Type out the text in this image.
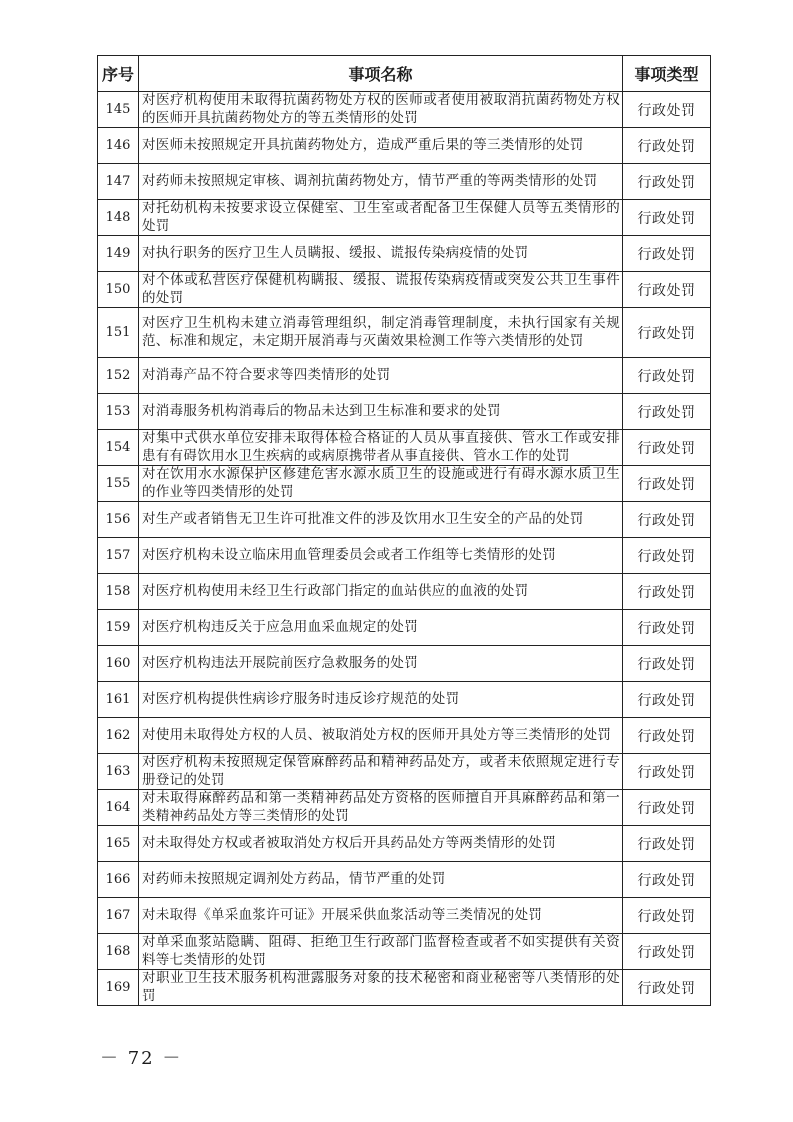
序号	事项名称	事项类型
145	对医疗机构使用未取得抗菌药物处方权的医师或者使用被取消抗菌药物处方权的医师开具抗菌药物处方的等五类情形的处罚	行政处罚
146	对医师未按照规定开具抗菌药物处方，造成严重后果的等三类情形的处罚	行政处罚
147	对药师未按照规定审核、调剂抗菌药物处方，情节严重的等两类情形的处罚	行政处罚
148	对托幼机构未按要求设立保健室、卫生室或者配备卫生保健人员等五类情形的处罚	行政处罚
149	对执行职务的医疗卫生人员瞒报、缓报、谎报传染病疫情的处罚	行政处罚
150	对个体或私营医疗保健机构瞒报、缓报、谎报传染病疫情或突发公共卫生事件的处罚	行政处罚
151	对医疗卫生机构未建立消毒管理组织，制定消毒管理制度，未执行国家有关规范、标准和规定，未定期开展消毒与灭菌效果检测工作等六类情形的处罚	行政处罚
152	对消毒产品不符合要求等四类情形的处罚	行政处罚
153	对消毒服务机构消毒后的物品未达到卫生标准和要求的处罚	行政处罚
154	对集中式供水单位安排未取得体检合格证的人员从事直接供、管水工作或安排患有有碍饮用水卫生疾病的或病原携带者从事直接供、管水工作的处罚	行政处罚
155	对在饮用水水源保护区修建危害水源水质卫生的设施或进行有碍水源水质卫生的作业等四类情形的处罚	行政处罚
156	对生产或者销售无卫生许可批准文件的涉及饮用水卫生安全的产品的处罚	行政处罚
157	对医疗机构未设立临床用血管理委员会或者工作组等七类情形的处罚	行政处罚
158	对医疗机构使用未经卫生行政部门指定的血站供应的血液的处罚	行政处罚
159	对医疗机构违反关于应急用血采血规定的处罚	行政处罚
160	对医疗机构违法开展院前医疗急救服务的处罚	行政处罚
161	对医疗机构提供性病诊疗服务时违反诊疗规范的处罚	行政处罚
162	对使用未取得处方权的人员、被取消处方权的医师开具处方等三类情形的处罚	行政处罚
163	对医疗机构未按照规定保管麻醉药品和精神药品处方，或者未依照规定进行专册登记的处罚	行政处罚
164	对未取得麻醉药品和第一类精神药品处方资格的医师擅自开具麻醉药品和第一类精神药品处方等三类情形的处罚	行政处罚
165	对未取得处方权或者被取消处方权后开具药品处方等两类情形的处罚	行政处罚
166	对药师未按照规定调剂处方药品，情节严重的处罚	行政处罚
167	对未取得《单采血浆许可证》开展采供血浆活动等三类情况的处罚	行政处罚
168	对单采血浆站隐瞒、阻碍、拒绝卫生行政部门监督检查或者不如实提供有关资料等七类情形的处罚	行政处罚
169	对职业卫生技术服务机构泄露服务对象的技术秘密和商业秘密等八类情形的处罚	行政处罚
－ 72 －
